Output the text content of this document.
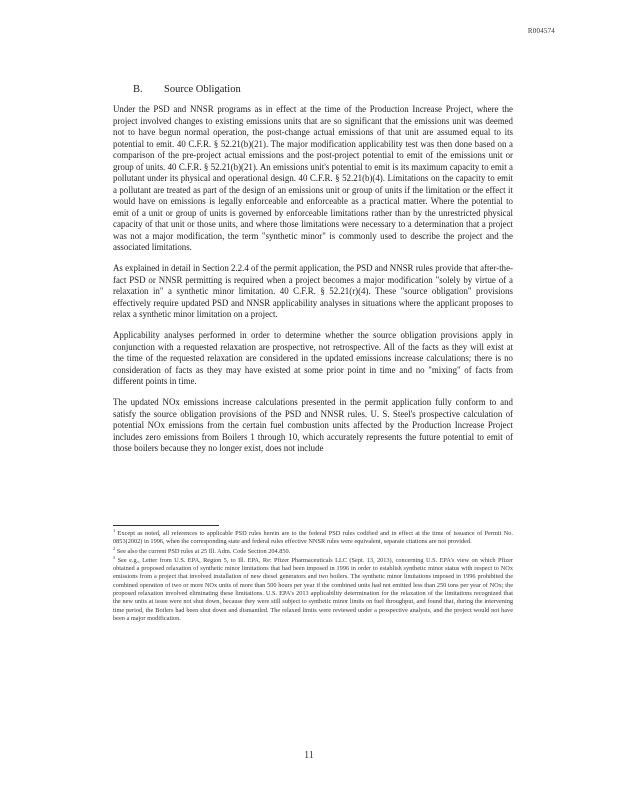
R004574
B. Source Obligation

Under the PSD and NNSR programs as in effect at the time of the Production Increase Project, where the project involved changes to existing emissions units that are so significant that the emissions unit was deemed not to have begun normal operation, the post-change actual emissions of that unit are assumed equal to its potential to emit. 40 C.F.R. § 52.21(b)(21). The major modification applicability test was then done based on a comparison of the pre-project actual emissions and the post-project potential to emit of the emissions unit or group of units. 40 C.F.R. § 52.21(b)(21). An emissions unit's potential to emit is its maximum capacity to emit a pollutant under its physical and operational design. 40 C.F.R. § 52.21(b)(4). Limitations on the capacity to emit a pollutant are treated as part of the design of an emissions unit or group of units if the limitation or the effect it would have on emissions is legally enforceable and enforceable as a practical matter. Where the potential to emit of a unit or group of units is governed by enforceable limitations rather than by the unrestricted physical capacity of that unit or those units, and where those limitations were necessary to a determination that a project was not a major modification, the term "synthetic minor" is commonly used to describe the project and the associated limitations.

As explained in detail in Section 2.2.4 of the permit application, the PSD and NNSR rules provide that after-the-fact PSD or NNSR permitting is required when a project becomes a major modification "solely by virtue of a relaxation in" a synthetic minor limitation. 40 C.F.R. § 52.21(r)(4). These "source obligation" provisions effectively require updated PSD and NNSR applicability analyses in situations where the applicant proposes to relax a synthetic minor limitation on a project.

Applicability analyses performed in order to determine whether the source obligation provisions apply in conjunction with a requested relaxation are prospective, not retrospective. All of the facts as they will exist at the time of the requested relaxation are considered in the updated emissions increase calculations; there is no consideration of facts as they may have existed at some prior point in time and no "mixing" of facts from different points in time.

The updated NOx emissions increase calculations presented in the permit application fully conform to and satisfy the source obligation provisions of the PSD and NNSR rules. U. S. Steel's prospective calculation of potential NOx emissions from the certain fuel combustion units affected by the Production Increase Project includes zero emissions from Boilers 1 through 10, which accurately represents the future potential to emit of those boilers because they no longer exist, does not include

$^1$ Except as noted, all references to applicable PSD rules herein are to the federal PSD rules codified and in effect at the time of issuance of Permit No. 0853(2002) in 1996, when the corresponding state and federal rules effective NNSR rules were equivalent, separate citations are not provided.

$^2$ See also the current PSD rules at 25 Ill. Adm. Code Section 204.850.

$^3$ See e.g., Letter from U.S. EPA, Region 5, to Ill. EPA, Re: Pfizer Pharmaceuticals LLC (Sept. 13, 2013), concerning U.S. EPA's view on which Pfizer obtained a proposed relaxation of synthetic minor limitations that had been imposed in 1996 in order to establish synthetic minor status with respect to NOx emissions from a project that involved installation of new diesel generators and two boilers. The synthetic minor limitations imposed in 1996 prohibited the combined operation of two or more NOx units of more than 500 hours per year if the combined units had not emitted less than 250 tons per year of NOx; the proposed relaxation involved eliminating these limitations. U.S. EPA's 2013 applicability determination for the relaxation of the limitations recognized that the new units at issue were not shut down, because they were still subject to synthetic minor limits on fuel throughput, and found that, during the intervening time period, the Boilers had been shut down and dismantled. The relaxed limits were reviewed under a prospective analysis, and the project would not have been a major modification.

11
